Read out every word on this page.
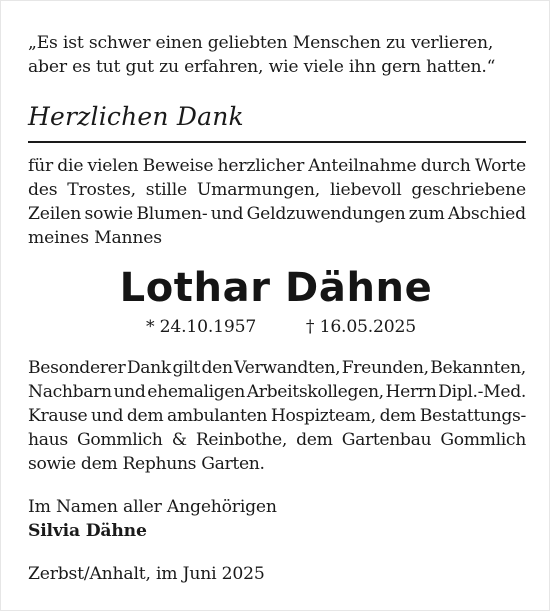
„Es ist schwer einen geliebten Menschen zu verlieren,
aber es tut gut zu erfahren, wie viele ihn gern hatten.“
Herzlichen Dank
für die vielen Beweise herzlicher Anteilnahme durch Worte
des Trostes, stille Umarmungen, liebevoll geschriebene
Zeilen sowie Blumen- und Geldzuwendungen zum Abschied
meines Mannes
Lothar Dähne
* 24.10.1957	† 16.05.2025
Besonderer Dank gilt den Verwandten, Freunden, Bekannten,
Nachbarn und ehemaligen Arbeitskollegen, Herrn Dipl.-Med.
Krause und dem ambulanten Hospizteam, dem Bestattungs-
haus Gommlich & Reinbothe, dem Gartenbau Gommlich
sowie dem Rephuns Garten.
Im Namen aller Angehörigen
Silvia Dähne
Zerbst/Anhalt, im Juni 2025
